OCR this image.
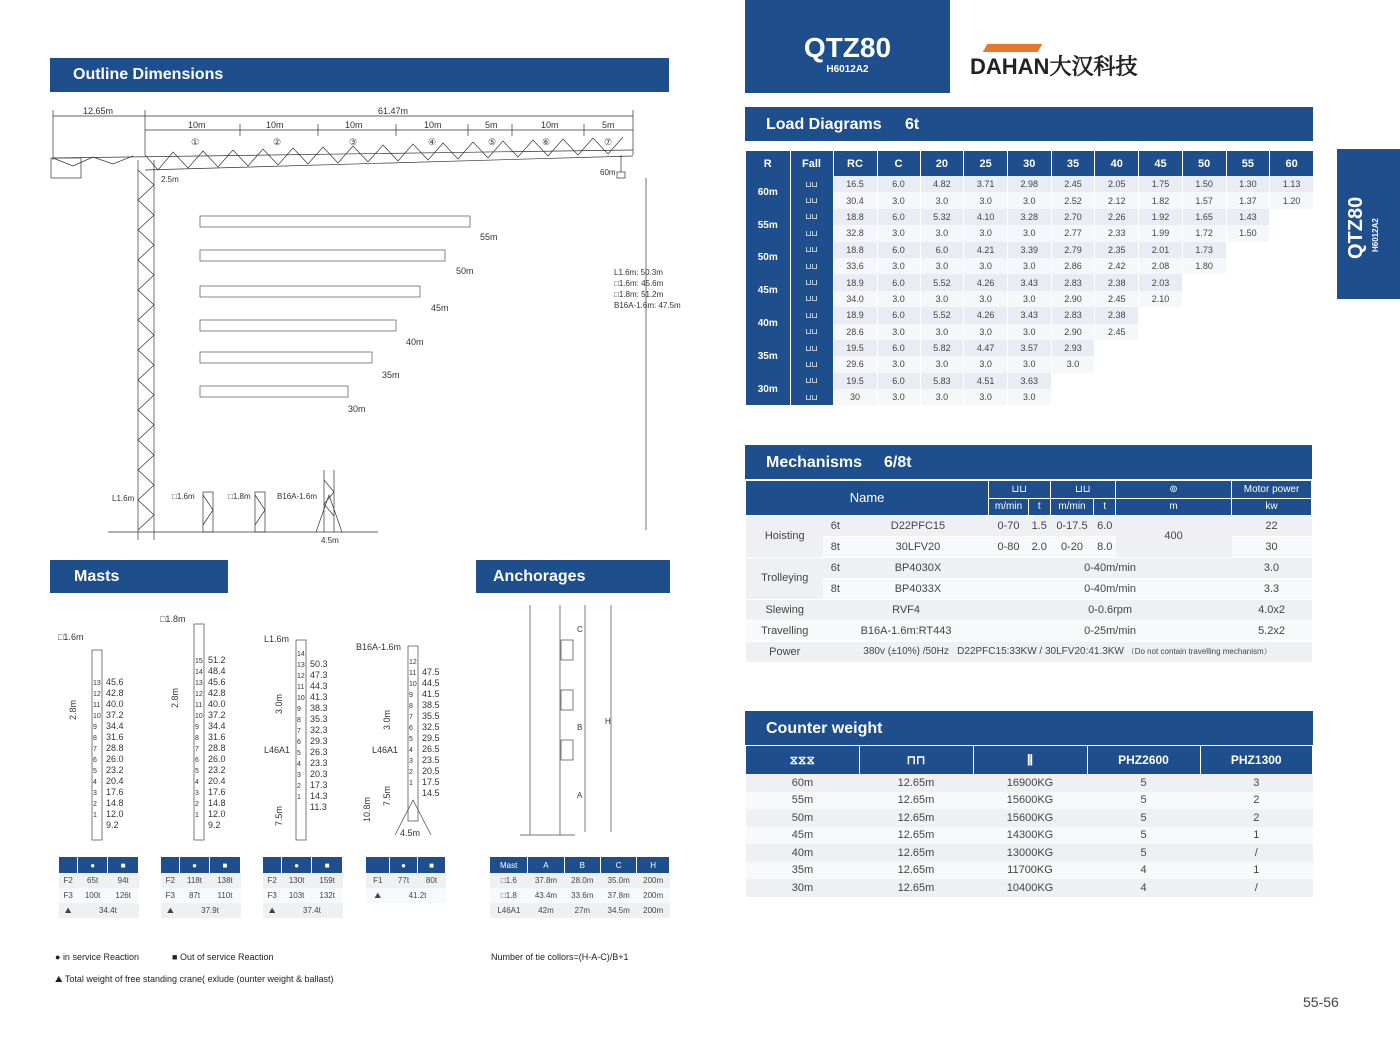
Outline Dimensions
12.65m	61.47m
10m	10m	10m	10m	5m	10m	5m
①	②	③	④	⑤	⑥	⑦
2.5m
60m
55m
50m
45m
40m
35m
30m
L1.6m: 50.3m
□1.6m: 45.6m
□1.8m: 51.2m
B16A-1.6m: 47.5m
L1.6m	□1.6m	□1.8m	B16A-1.6m
4.5m
Masts
□1.6m
□1.8m
L1.6m
B16A-1.6m
2.8m
2.8m	3.0m
3.0m
7.5m
7.5m
10.8m
L46A1	L46A1
4.5m
45.6
42.8
40.0
37.2
34.4
31.6
28.8
26.0
23.2
20.4
17.6
14.8
12.0
9.2
13
12
11
10
9
8
7
6
5
4
3
2
1
51.2
48.4
45.6
42.8
40.0
37.2
34.4
31.6
28.8
26.0
23.2
20.4
17.6
14.8
12.0
9.2
15
14
13
12
11
10
9
8
7
6
5
4
3
2
1
50.3
47.3
44.3
41.3
38.3
35.3
32.3
29.3
26.3
23.3
20.3
17.3
14.3
11.3
14
13
12
11
10
9
8
7
6
5
4
3
2
1
47.5
44.5
41.5
38.5
35.5
32.5
29.5
26.5
23.5
20.5
17.5
14.5
12
11
10
9
8
7
6
5
4
3
2
1
	●	■
F2	65t	94t
F3	100t	126t
⛰	34.4t	
	●	■
F2	118t	138t
F3	87t	110t
⛰	37.9t	
	●	■
F2	130t	159t
F3	103t	132t
⛰	37.4t	
	●	■
F1	77t	80t
⛰	41.2t	
Anchorages
C
B
A
H
Mast	A	B	C	H
□1.6	37.8m	28.0m	35.0m	200m
□1.8	43.4m	33.6m	37.8m	200m
L46A1	42m	27m	34.5m	200m
● in service Reaction	■ Out of service Reaction
⛰ Total weight of free standing crane( exlude (ounter weight & ballast)
Number of tie collors=(H-A-C)/B+1
QTZ80
H6012A2	DAHAN大汉科技
QTZ80 H6012A2
Load Diagrams 6t
R	Fall	RC	C	20	25	30	35	40	45	50	55	60
60m	⊔⊔	16.5	6.0	4.82	3.71	2.98	2.45	2.05	1.75	1.50	1.30	1.13
	⊔⊔	30.4	3.0	3.0	3.0	3.0	2.52	2.12	1.82	1.57	1.37	1.20
55m	⊔⊔	18.8	6.0	5.32	4.10	3.28	2.70	2.26	1.92	1.65	1.43	
	⊔⊔	32.8	3.0	3.0	3.0	3.0	2.77	2.33	1.99	1.72	1.50	
50m	⊔⊔	18.8	6.0	6.0	4.21	3.39	2.79	2.35	2.01	1.73		
	⊔⊔	33.6	3.0	3.0	3.0	3.0	2.86	2.42	2.08	1.80		
45m	⊔⊔	18.9	6.0	5.52	4.26	3.43	2.83	2.38	2.03			
	⊔⊔	34.0	3.0	3.0	3.0	3.0	2.90	2.45	2.10			
40m	⊔⊔	18.9	6.0	5.52	4.26	3.43	2.83	2.38				
	⊔⊔	28.6	3.0	3.0	3.0	3.0	2.90	2.45				
35m	⊔⊔	19.5	6.0	5.82	4.47	3.57	2.93					
	⊔⊔	29.6	3.0	3.0	3.0	3.0	3.0					
30m	⊔⊔	19.5	6.0	5.83	4.51	3.63						
	⊔⊔	30	3.0	3.0	3.0	3.0						
Mechanisms 6/8t
Name			⊔⊔		⊔⊔		⊚	Motor power
			m/min	t	m/min	t	m	kw
Hoisting	6t	D22PFC15	0-70	1.5	0-17.5	6.0	400	22
	8t	30LFV20	0-80	2.0	0-20	8.0		30
Trolleying	6t	BP4030X	0-40m/min					3.0
	8t	BP4033X	0-40m/min					3.3
Slewing	RVF4		0-0.6rpm					4.0x2
Travelling	B16A-1.6m:RT443		0-25m/min					5.2x2
Power	380v (±10%) /50Hz D22PFC15:33KW / 30LFV20:41.3KW （Do not contain travelling mechanism）							
Counter weight
⧖⧖⧖	⊓⊓	⫼	PHZ2600	PHZ1300
60m	12.65m	16900KG	5	3
55m	12.65m	15600KG	5	2
50m	12.65m	15600KG	5	2
45m	12.65m	14300KG	5	1
40m	12.65m	13000KG	5	/
35m	12.65m	11700KG	4	1
30m	12.65m	10400KG	4	/
55-56
